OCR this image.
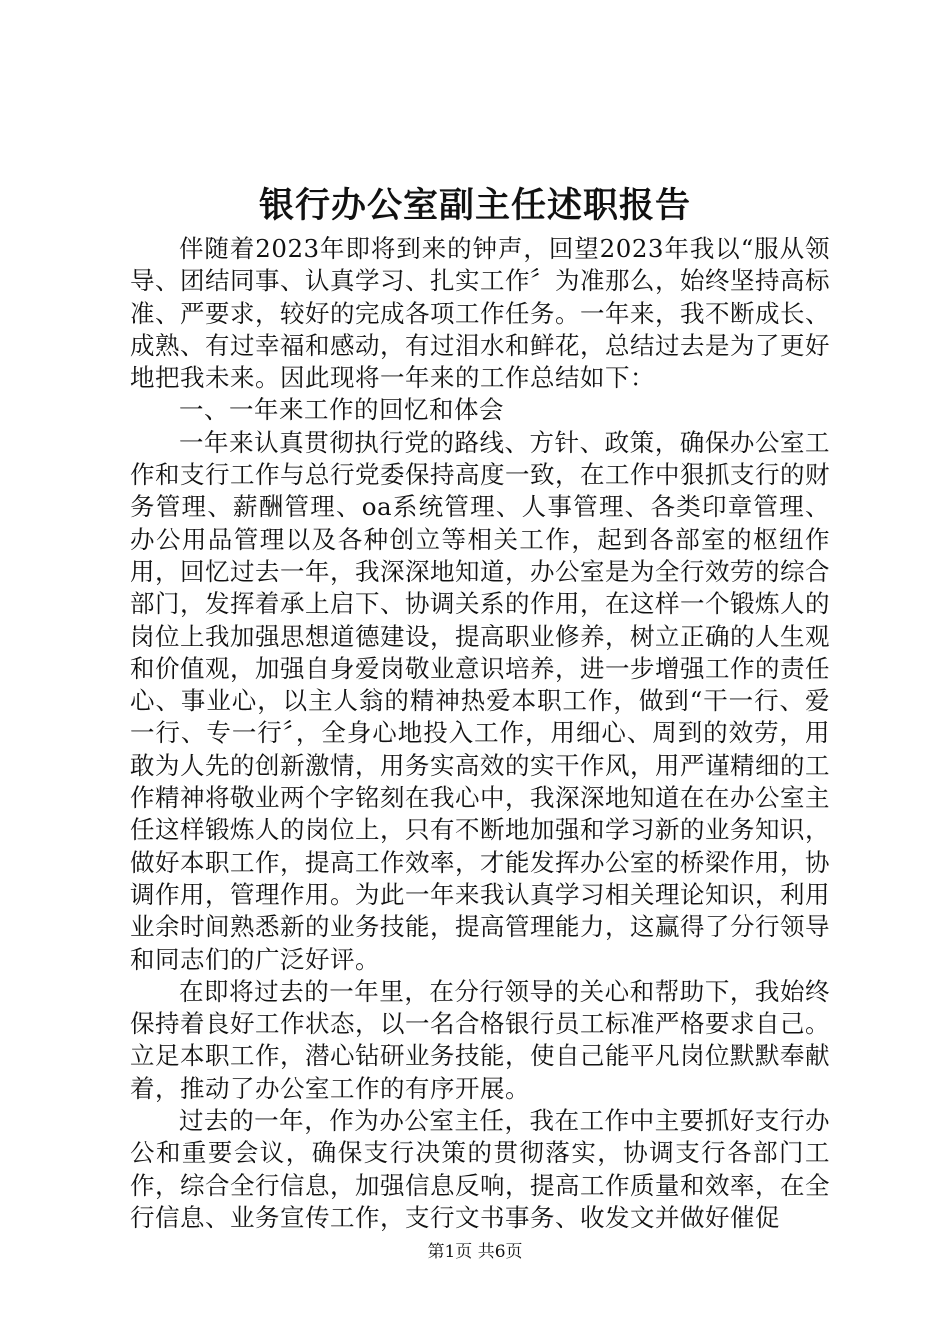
银行办公室副主任述职报告

伴随着2023年即将到来的钟声，回望2023年我以“服从领导、团结同事、认真学习、扎实工作〞为准那么，始终坚持高标准、严要求，较好的完成各项工作任务。一年来，我不断成长、成熟、有过幸福和感动，有过泪水和鲜花，总结过去是为了更好地把我未来。因此现将一年来的工作总结如下：

一、一年来工作的回忆和体会

一年来认真贯彻执行党的路线、方针、政策，确保办公室工作和支行工作与总行党委保持高度一致，在工作中狠抓支行的财务管理、薪酬管理、oa系统管理、人事管理、各类印章管理、办公用品管理以及各种创立等相关工作，起到各部室的枢纽作用，回忆过去一年，我深深地知道，办公室是为全行效劳的综合部门，发挥着承上启下、协调关系的作用，在这样一个锻炼人的岗位上我加强思想道德建设，提高职业修养，树立正确的人生观和价值观，加强自身爱岗敬业意识培养，进一步增强工作的责任心、事业心，以主人翁的精神热爱本职工作，做到“干一行、爱一行、专一行〞，全身心地投入工作，用细心、周到的效劳，用敢为人先的创新激情，用务实高效的实干作风，用严谨精细的工作精神将敬业两个字铭刻在我心中，我深深地知道在在办公室主任这样锻炼人的岗位上，只有不断地加强和学习新的业务知识，做好本职工作，提高工作效率，才能发挥办公室的桥梁作用，协调作用，管理作用。为此一年来我认真学习相关理论知识，利用业余时间熟悉新的业务技能，提高管理能力，这赢得了分行领导和同志们的广泛好评。

在即将过去的一年里，在分行领导的关心和帮助下，我始终保持着良好工作状态，以一名合格银行员工标准严格要求自己。立足本职工作，潜心钻研业务技能，使自己能平凡岗位默默奉献着，推动了办公室工作的有序开展。

过去的一年，作为办公室主任，我在工作中主要抓好支行办公和重要会议，确保支行决策的贯彻落实，协调支行各部门工作，综合全行信息，加强信息反响，提高工作质量和效率，在全行信息、业务宣传工作，支行文书事务、收发文并做好催促

第1页 共6页
